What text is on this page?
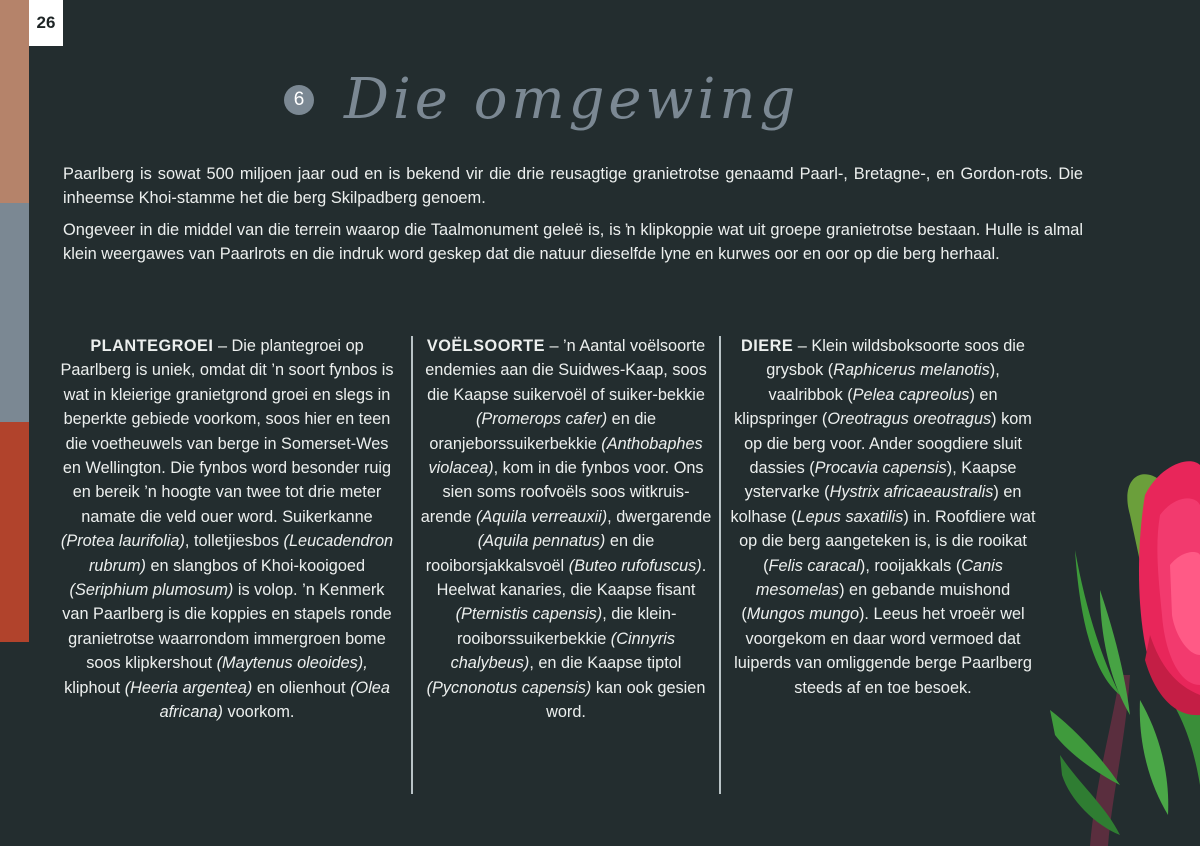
26
6 Die omgewing

Paarlberg is sowat 500 miljoen jaar oud en is bekend vir die drie reusagtige granietrotse genaamd Paarl-, Bretagne-, en Gordon-rots. Die inheemse Khoi-stamme het die berg Skilpadberg genoem.

Ongeveer in die middel van die terrein waarop die Taalmonument geleë is, is ŉ klipkoppie wat uit groepe granietrotse bestaan. Hulle is almal klein weergawes van Paarlrots en die indruk word geskep dat die natuur dieselfde lyne en kurwes oor en oor op die berg herhaal.

PLANTEGROEI – Die plantegroei op Paarlberg is uniek, omdat dit ’n soort fynbos is wat in kleierige granietgrond groei en slegs in beperkte gebiede voorkom, soos hier en teen die voetheuwels van berge in Somerset-Wes en Wellington. Die fynbos word besonder ruig en bereik ’n hoogte van twee tot drie meter namate die veld ouer word. Suikerkanne (Protea laurifolia), tolletjiesbos (Leucadendron rubrum) en slangbos of Khoi-kooigoed (Seriphium plumosum) is volop. ’n Kenmerk van Paarlberg is die koppies en stapels ronde granietrotse waarrondom immergroen bome soos klipkershout (Maytenus oleoides), kliphout (Heeria argentea) en olienhout (Olea africana) voorkom.

VOËLSOORTE – ’n Aantal voëlsoorte endemies aan die Suidwes-Kaap, soos die Kaapse suikervoël of suiker-bekkie (Promerops cafer) en die oranjeborssuikerbekkie (Anthobaphes violacea), kom in die fynbos voor. Ons sien soms roofvoëls soos witkruis-arende (Aquila verreauxii), dwergarende (Aquila pennatus) en die rooiborsjakkalsvoël (Buteo rufofuscus). Heelwat kanaries, die Kaapse fisant (Pternistis capensis), die klein-rooiborssuikerbekkie (Cinnyris chalybeus), en die Kaapse tiptol (Pycnonotus capensis) kan ook gesien word.

DIERE – Klein wildsboksoorte soos die grysbok (Raphicerus melanotis), vaalribbok (Pelea capreolus) en klipspringer (Oreotragus oreotragus) kom op die berg voor. Ander soogdiere sluit dassies (Procavia capensis), Kaapse ystervarke (Hystrix africaeaustralis) en kolhase (Lepus saxatilis) in. Roofdiere wat op die berg aangeteken is, is die rooikat (Felis caracal), rooijakkals (Canis mesomelas) en gebande muishond (Mungos mungo). Leeus het vroeër wel voorgekom en daar word vermoed dat luiperds van omliggende berge Paarlberg steeds af en toe besoek.
